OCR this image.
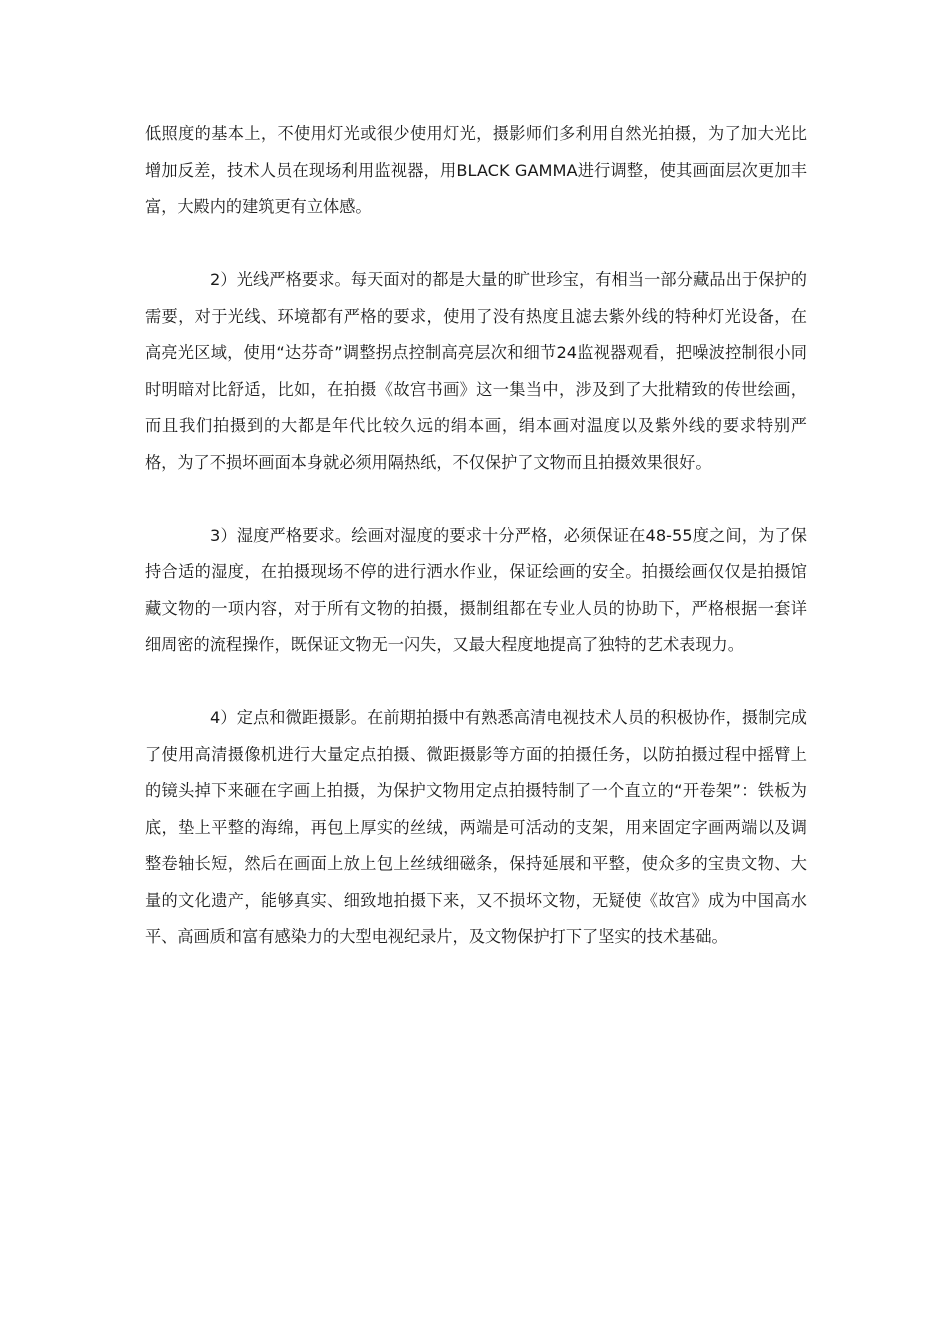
低照度的基本上，不使用灯光或很少使用灯光，摄影师们多利用自然光拍摄，为了加大光比增加反差，技术人员在现场利用监视器，用BLACK GAMMA进行调整，使其画面层次更加丰富，大殿内的建筑更有立体感。

2）光线严格要求。每天面对的都是大量的旷世珍宝，有相当一部分藏品出于保护的需要，对于光线、环境都有严格的要求，使用了没有热度且滤去紫外线的特种灯光设备，在高亮光区域，使用“达芬奇”调整拐点控制高亮层次和细节24监视器观看，把噪波控制很小同时明暗对比舒适，比如，在拍摄《故宫书画》这一集当中，涉及到了大批精致的传世绘画，而且我们拍摄到的大都是年代比较久远的绢本画，绢本画对温度以及紫外线的要求特别严格，为了不损坏画面本身就必须用隔热纸，不仅保护了文物而且拍摄效果很好。

3）湿度严格要求。绘画对湿度的要求十分严格，必须保证在48-55度之间，为了保持合适的湿度，在拍摄现场不停的进行洒水作业，保证绘画的安全。拍摄绘画仅仅是拍摄馆藏文物的一项内容，对于所有文物的拍摄，摄制组都在专业人员的协助下，严格根据一套详细周密的流程操作，既保证文物无一闪失，又最大程度地提高了独特的艺术表现力。

4）定点和微距摄影。在前期拍摄中有熟悉高清电视技术人员的积极协作，摄制完成了使用高清摄像机进行大量定点拍摄、微距摄影等方面的拍摄任务，以防拍摄过程中摇臂上的镜头掉下来砸在字画上拍摄，为保护文物用定点拍摄特制了一个直立的“开卷架”：铁板为底，垫上平整的海绵，再包上厚实的丝绒，两端是可活动的支架，用来固定字画两端以及调整卷轴长短，然后在画面上放上包上丝绒细磁条，保持延展和平整，使众多的宝贵文物、大量的文化遗产，能够真实、细致地拍摄下来，又不损坏文物，无疑使《故宫》成为中国高水平、高画质和富有感染力的大型电视纪录片，及文物保护打下了坚实的技术基础。
